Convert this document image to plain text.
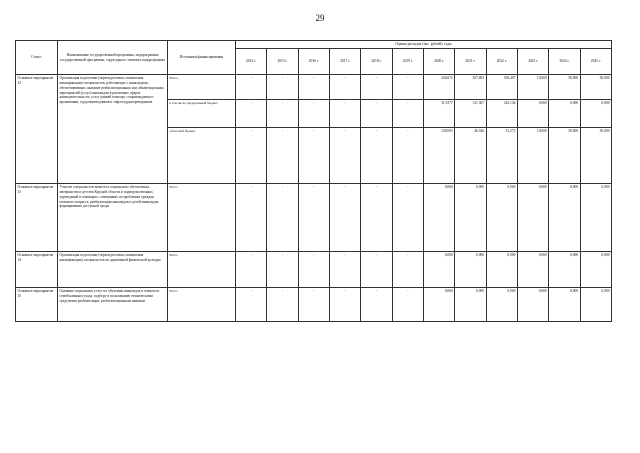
29
Статус	Наименование государственной программы, подпрограммы государственной программы, структурного элемента подпрограммы	Источники финансирования	Оценка расходов (тыс. рублей), годы											
			2014 г.	2015 г.	2016 г.	2017 г.	2018 г.	2019 г.	2020 г.	2021 г.	2022 г.	2023 г.	2024 г.	2025 г.
Основное мероприятие 12	Организация подготовки (переподготовки, повышения квалификации) специалистов, работающих с инвалидами, обеспечивающих оказание реабилитационных или абилитационных мероприятий (услуг) инвалидам в различных сферах жизнедеятельности, услуг ранней помощи, сопровождаемого проживания, сурдопереводчиков и тифлосурдопереводчиков	Всего,	-	-	-	-	-	-	444,672	357,893	394,407	10,000	50,000	50,000
		в том числе: федеральный бюджет	-	-	-	-	-	-	313,977	311,367	343,134	0,000	0,000	0,000
		областной бюджет	-	-	-	-	-	-	130,695	46,526	51,273	10,000	50,000	50,000
Основное мероприятие 13	Участие специалистов комитета социального обеспечения, материнства и детства Курской области и подведомственных учреждений в семинарах, совещаниях по проблемам граждан пожилого возраста, реабилитации инвалидов и детей-инвалидов, формирования доступной среды	Всего	-	-	-	-	-	-	0,000	0,000	0,000	0,000	0,000	0,000
Основное мероприятие 14	Организация подготовки (переподготовки, повышения квалификации) специалистов по адаптивной физической культуре	Всего	-	-	-	-	-	-	0,000	0,000	0,000	0,000	0,000	0,000
Основное мероприятие 15	Оказание социальных услуг по обучению инвалидов и членов их семей навыкам ухода, подбору и пользованию техническими средствами реабилитации, реабилитационным навыкам	Всего	-	-	-	-	-	-	0,000	0,000	0,000	0,000	0,000	0,000
